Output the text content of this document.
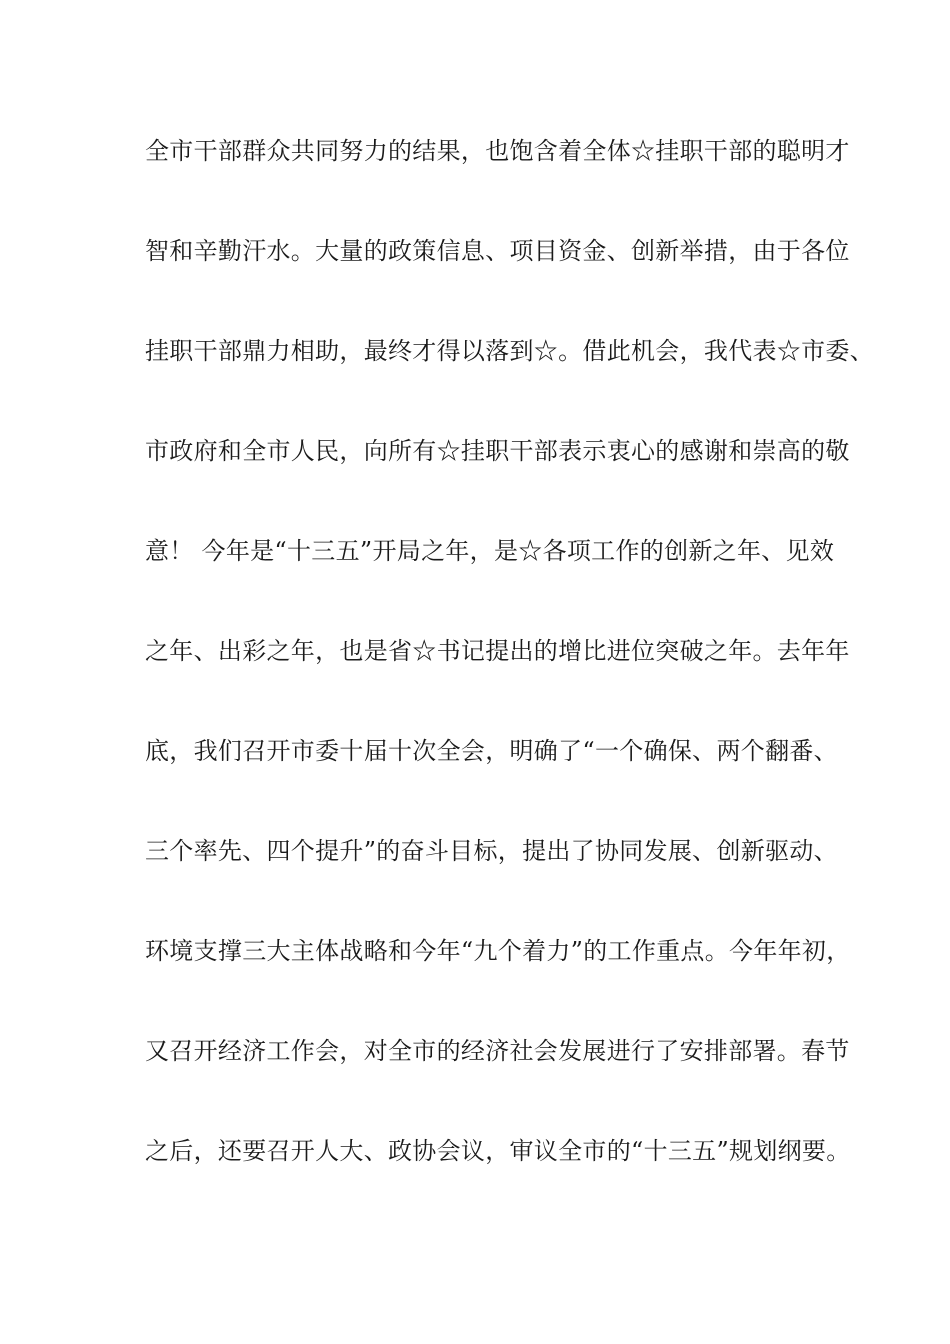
全市干部群众共同努力的结果，也饱含着全体☆挂职干部的聪明才
智和辛勤汗水。大量的政策信息、项目资金、创新举措，由于各位
挂职干部鼎力相助，最终才得以落到☆。借此机会，我代表☆市委、
市政府和全市人民，向所有☆挂职干部表示衷心的感谢和崇高的敬
意！ 今年是“十三五”开局之年，是☆各项工作的创新之年、见效
之年、出彩之年，也是省☆书记提出的增比进位突破之年。去年年
底，我们召开市委十届十次全会，明确了“一个确保、两个翻番、
三个率先、四个提升”的奋斗目标，提出了协同发展、创新驱动、
环境支撑三大主体战略和今年“九个着力”的工作重点。今年年初，
又召开经济工作会，对全市的经济社会发展进行了安排部署。春节
之后，还要召开人大、政协会议，审议全市的“十三五”规划纲要。
